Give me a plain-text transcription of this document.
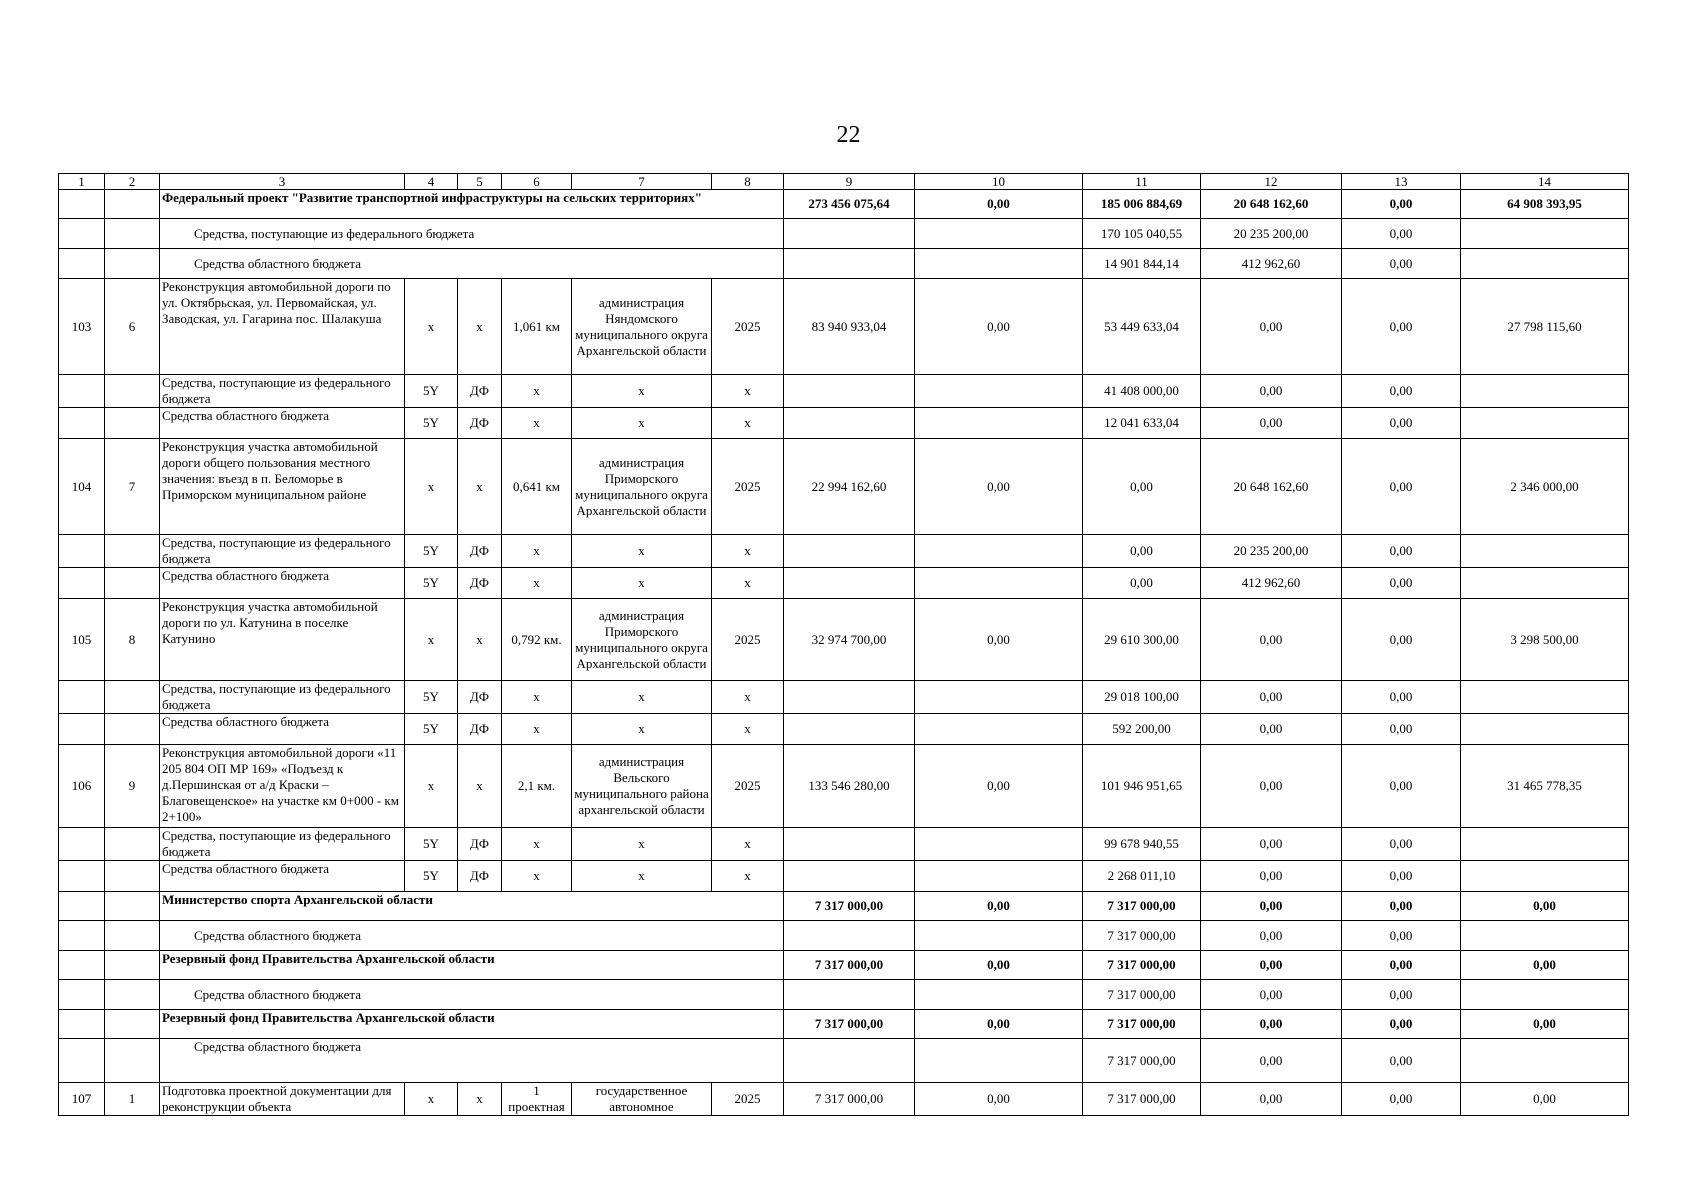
22
1	2	3	4	5	6	7	8	9	10	11	12	13	14
		Федеральный проект "Развитие транспортной инфраструктуры на сельских территориях"						273 456 075,64	0,00	185 006 884,69	20 648 162,60	0,00	64 908 393,95
		Средства, поступающие из федерального бюджета								170 105 040,55	20 235 200,00	0,00	
		Средства областного бюджета								14 901 844,14	412 962,60	0,00	
103	6	Реконструкция автомобильной дороги по ул. Октябрьская, ул. Первомайская, ул. Заводская, ул. Гагарина пос. Шалакуша	х	х	1,061 км	администрация Няндомского муниципального округа Архангельской области	2025	83 940 933,04	0,00	53 449 633,04	0,00	0,00	27 798 115,60
		Средства, поступающие из федерального бюджета	5Y	ДФ	х	х	х			41 408 000,00	0,00	0,00	
		Средства областного бюджета	5Y	ДФ	х	х	х			12 041 633,04	0,00	0,00	
104	7	Реконструкция участка автомобильной дороги общего пользования местного значения: въезд в п. Беломорье в Приморском муниципальном районе	х	х	0,641 км	администрация Приморского муниципального округа Архангельской области	2025	22 994 162,60	0,00	0,00	20 648 162,60	0,00	2 346 000,00
		Средства, поступающие из федерального бюджета	5Y	ДФ	х	х	х			0,00	20 235 200,00	0,00	
		Средства областного бюджета	5Y	ДФ	х	х	х			0,00	412 962,60	0,00	
105	8	Реконструкция участка автомобильной дороги по ул. Катунина в поселке Катунино	х	х	0,792 км.	администрация Приморского муниципального округа Архангельской области	2025	32 974 700,00	0,00	29 610 300,00	0,00	0,00	3 298 500,00
		Средства, поступающие из федерального бюджета	5Y	ДФ	х	х	х			29 018 100,00	0,00	0,00	
		Средства областного бюджета	5Y	ДФ	х	х	х			592 200,00	0,00	0,00	
106	9	Реконструкция автомобильной дороги «11 205 804 ОП МР 169» «Подъезд к д.Першинская от а/д Краски – Благовещенское» на участке км 0+000 - км 2+100»	х	х	2,1 км.	администрация Вельского муниципального района архангельской области	2025	133 546 280,00	0,00	101 946 951,65	0,00	0,00	31 465 778,35
		Средства, поступающие из федерального бюджета	5Y	ДФ	х	х	х			99 678 940,55	0,00	0,00	
		Средства областного бюджета	5Y	ДФ	х	х	х			2 268 011,10	0,00	0,00	
		Министерство спорта Архангельской области						7 317 000,00	0,00	7 317 000,00	0,00	0,00	0,00
		Средства областного бюджета								7 317 000,00	0,00	0,00	
		Резервный фонд Правительства Архангельской области						7 317 000,00	0,00	7 317 000,00	0,00	0,00	0,00
		Средства областного бюджета								7 317 000,00	0,00	0,00	
		Резервный фонд Правительства Архангельской области						7 317 000,00	0,00	7 317 000,00	0,00	0,00	0,00
		Средства областного бюджета								7 317 000,00	0,00	0,00	
107	1	Подготовка проектной документации для реконструкции объекта	х	х	1 проектная	государственное автономное	2025	7 317 000,00	0,00	7 317 000,00	0,00	0,00	0,00
